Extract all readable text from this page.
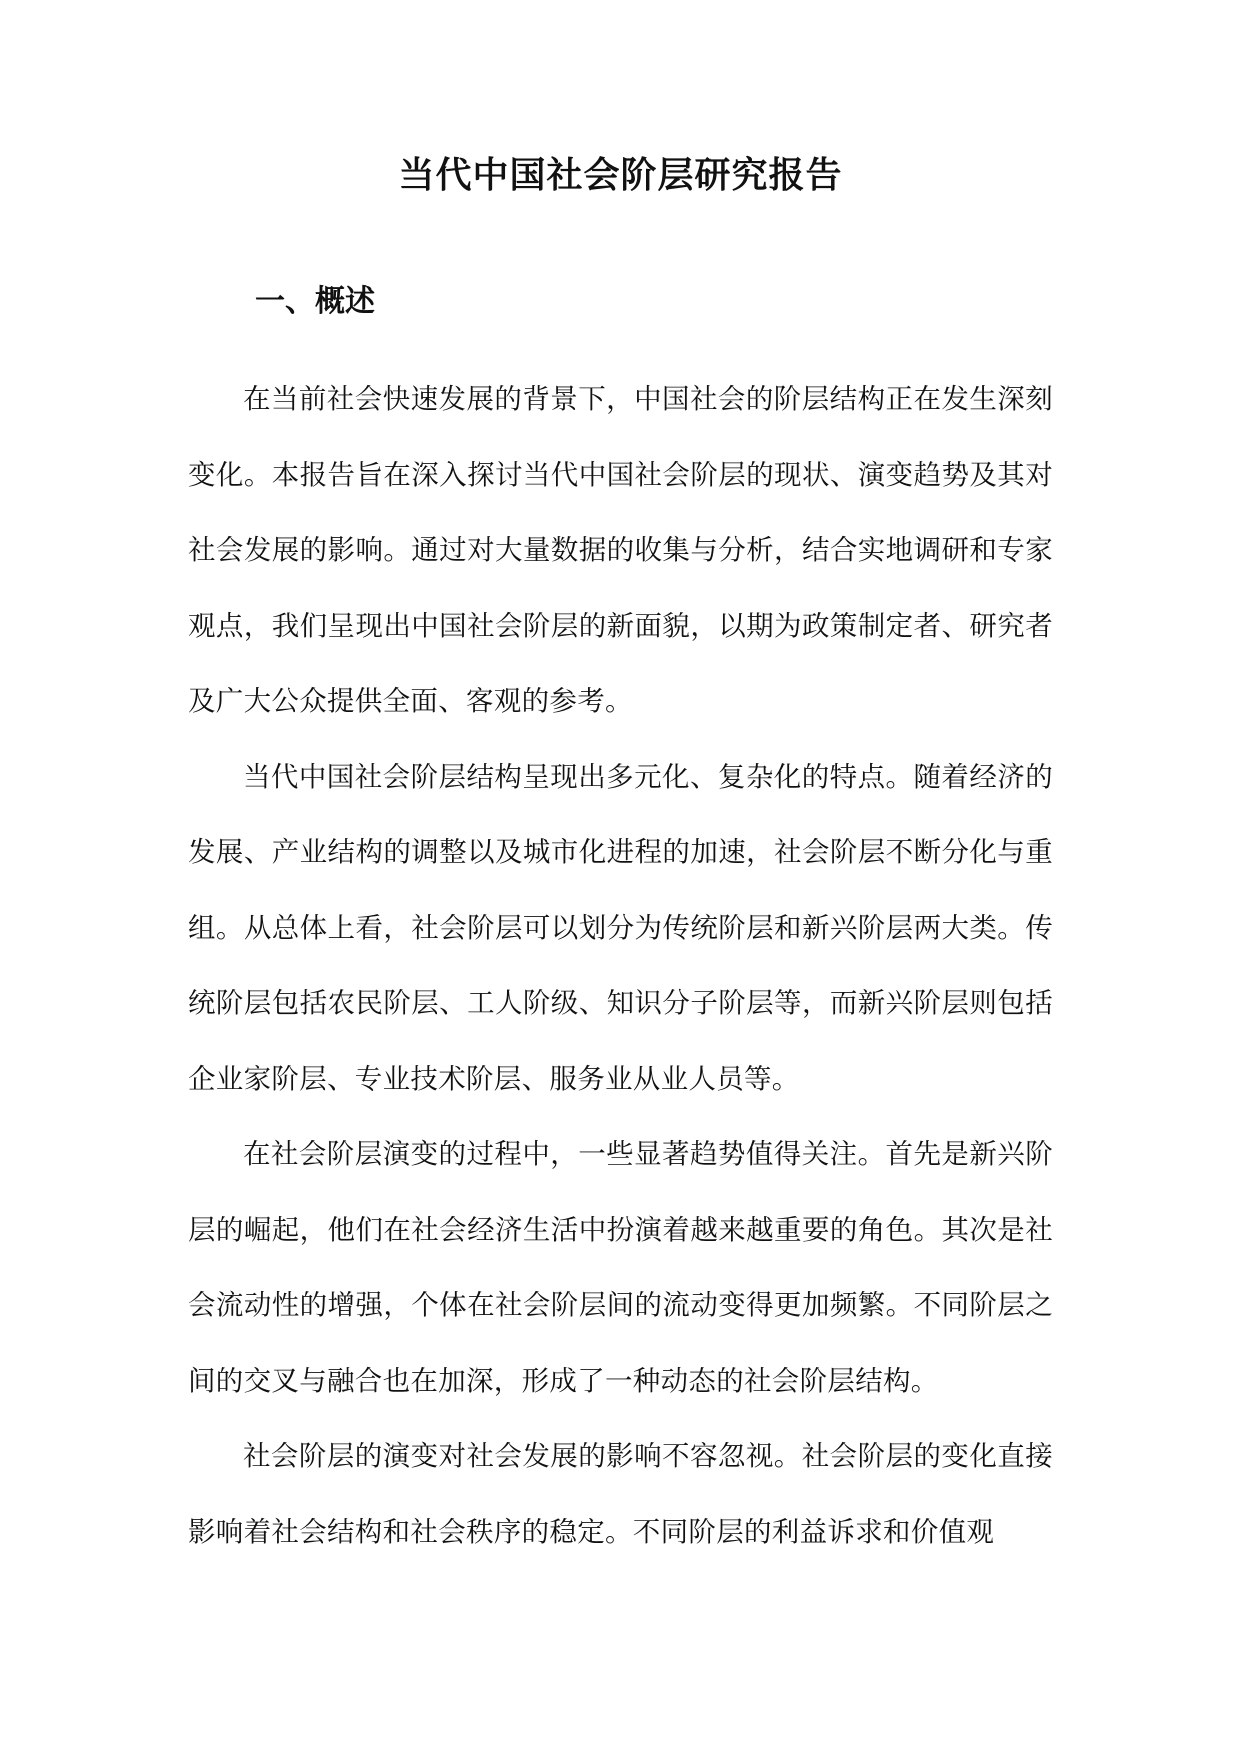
当代中国社会阶层研究报告
一、概述

在当前社会快速发展的背景下，中国社会的阶层结构正在发生深刻变化。本报告旨在深入探讨当代中国社会阶层的现状、演变趋势及其对社会发展的影响。通过对大量数据的收集与分析，结合实地调研和专家观点，我们呈现出中国社会阶层的新面貌，以期为政策制定者、研究者及广大公众提供全面、客观的参考。

当代中国社会阶层结构呈现出多元化、复杂化的特点。随着经济的发展、产业结构的调整以及城市化进程的加速，社会阶层不断分化与重组。从总体上看，社会阶层可以划分为传统阶层和新兴阶层两大类。传统阶层包括农民阶层、工人阶级、知识分子阶层等，而新兴阶层则包括企业家阶层、专业技术阶层、服务业从业人员等。

在社会阶层演变的过程中，一些显著趋势值得关注。首先是新兴阶层的崛起，他们在社会经济生活中扮演着越来越重要的角色。其次是社会流动性的增强，个体在社会阶层间的流动变得更加频繁。不同阶层之间的交叉与融合也在加深，形成了一种动态的社会阶层结构。

社会阶层的演变对社会发展的影响不容忽视。社会阶层的变化直接影响着社会结构和社会秩序的稳定。不同阶层的利益诉求和价值观
